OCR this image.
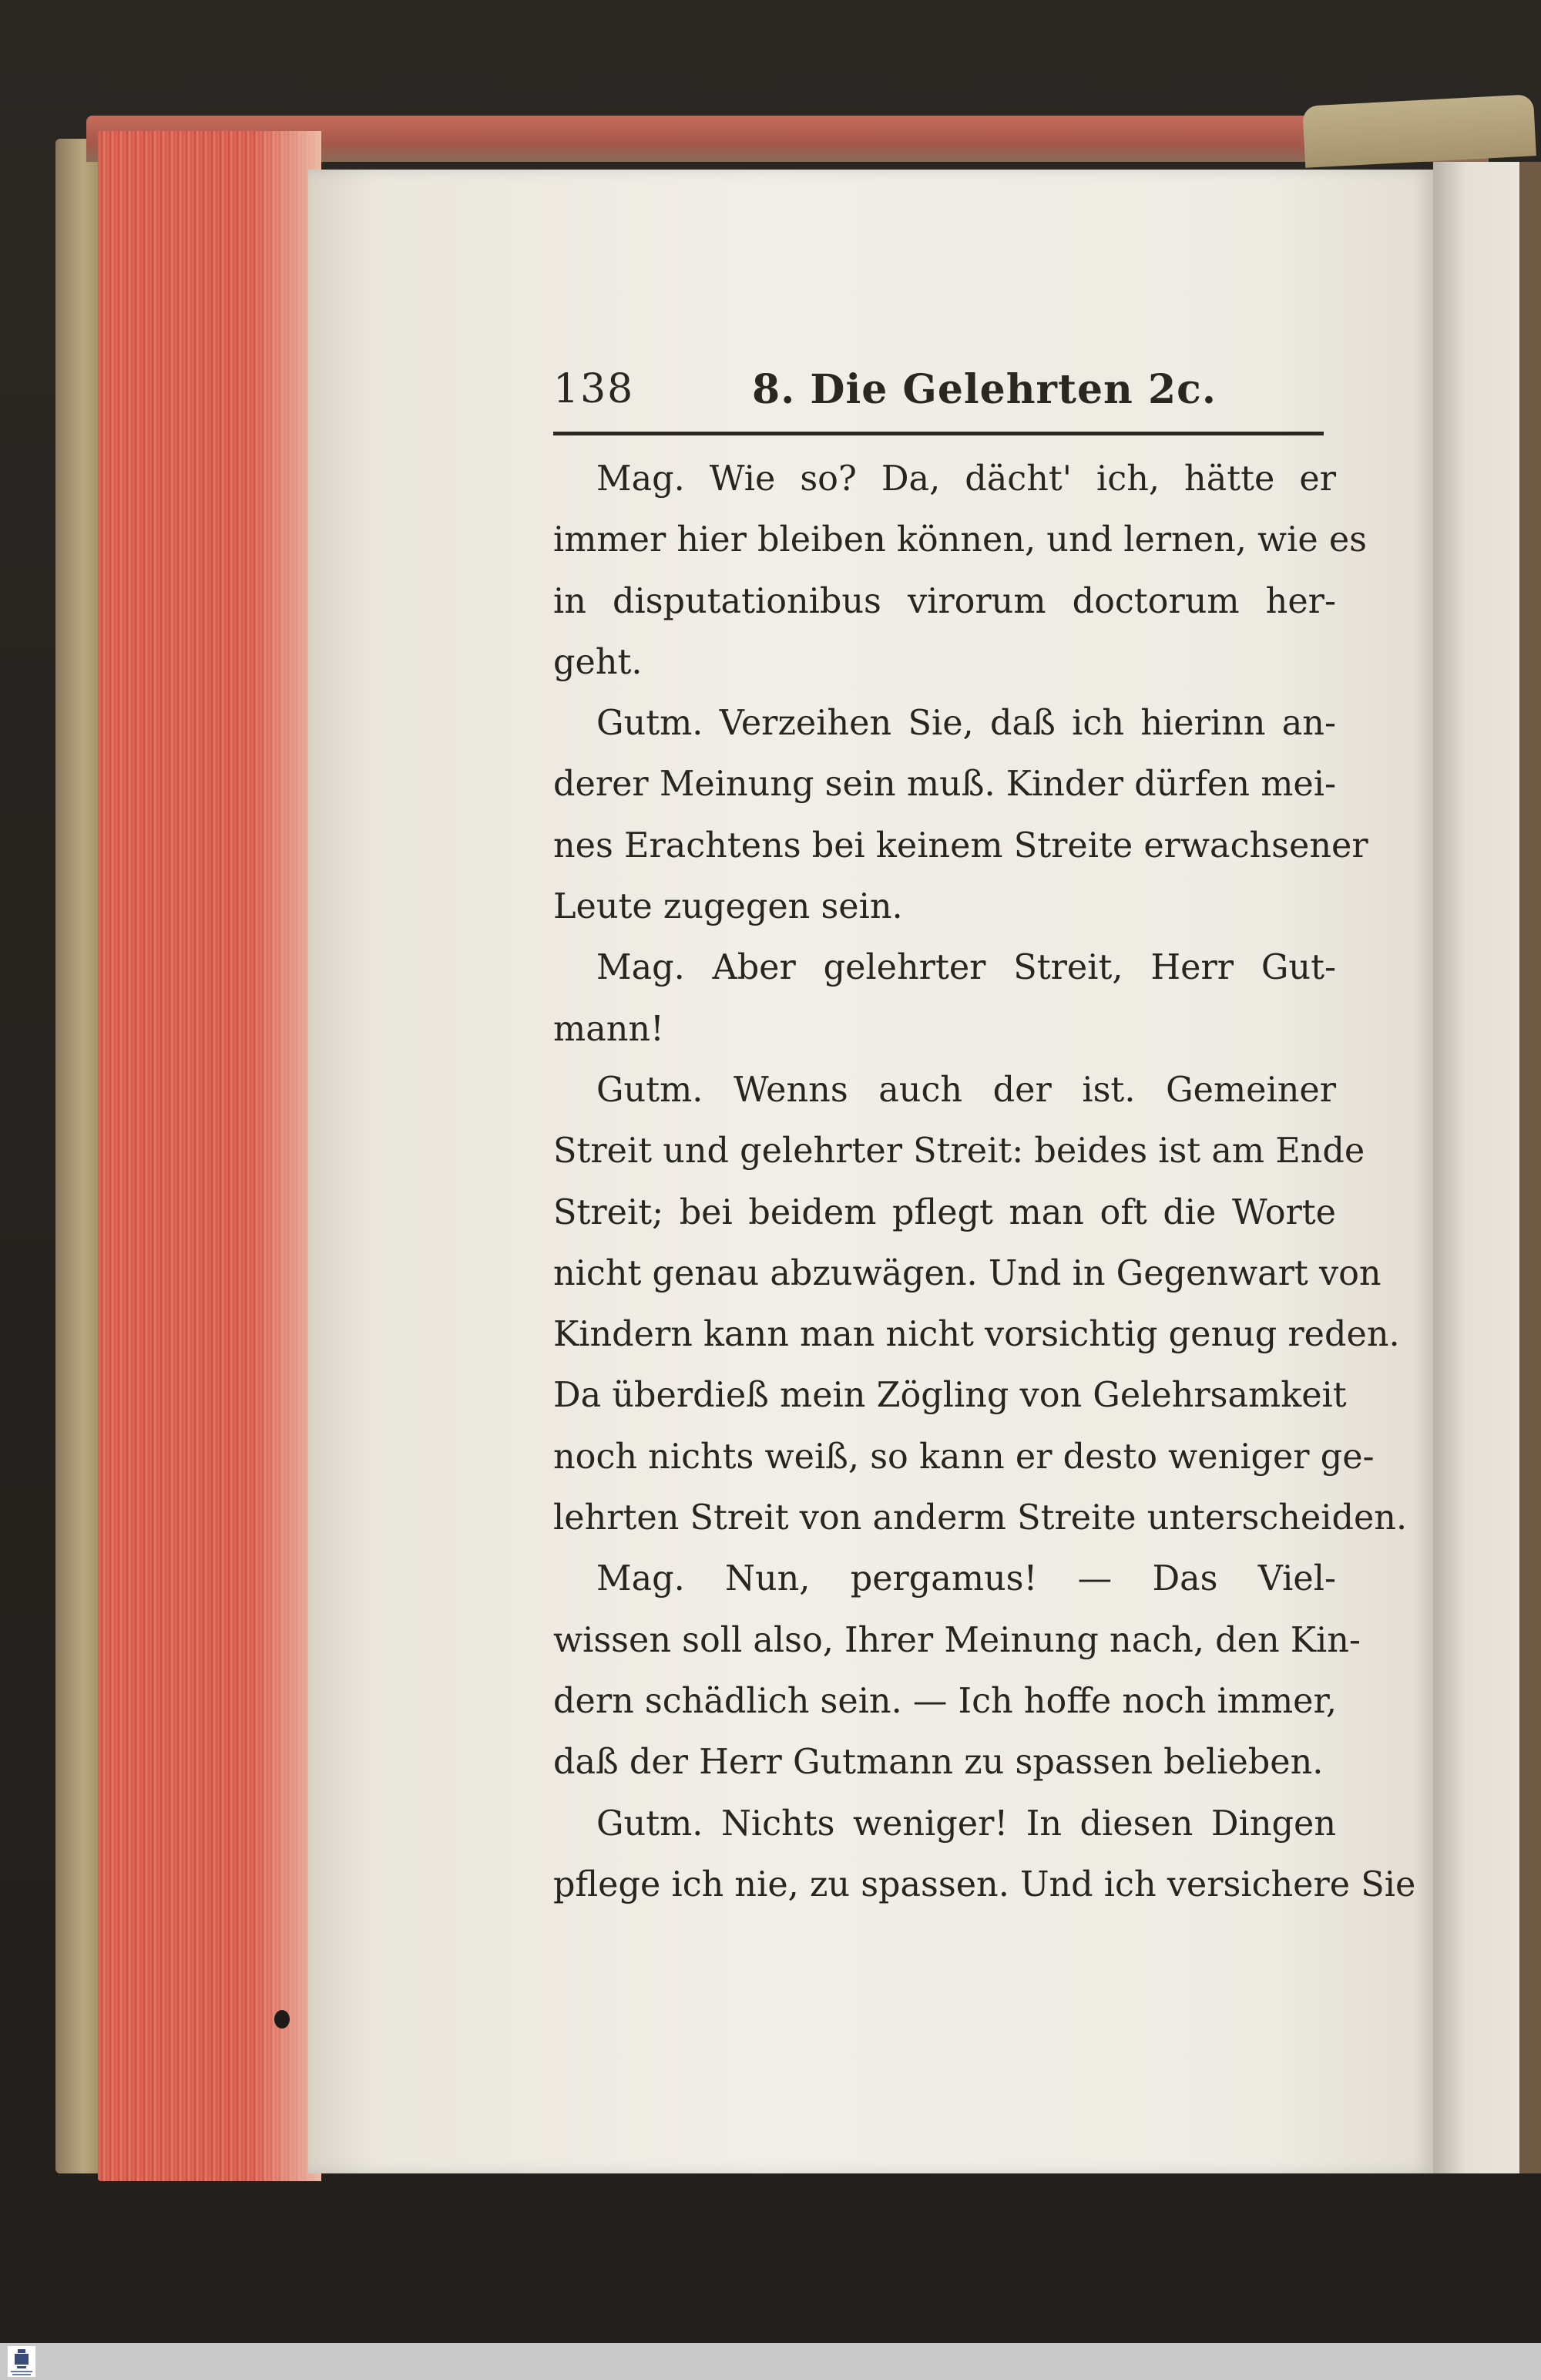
138	8. Die Gelehrten 2c.
Mag. Wie so? Da, dächt' ich, hätte er
immer hier bleiben können, und lernen, wie es
in disputationibus virorum doctorum her-
geht.
Gutm. Verzeihen Sie, daß ich hierinn an-
derer Meinung sein muß. Kinder dürfen mei-
nes Erachtens bei keinem Streite erwachsener
Leute zugegen sein.
Mag. Aber gelehrter Streit, Herr Gut-
mann!
Gutm. Wenns auch der ist. Gemeiner
Streit und gelehrter Streit: beides ist am Ende
Streit; bei beidem pflegt man oft die Worte
nicht genau abzuwägen. Und in Gegenwart von
Kindern kann man nicht vorsichtig genug reden.
Da überdieß mein Zögling von Gelehrsamkeit
noch nichts weiß, so kann er desto weniger ge-
lehrten Streit von anderm Streite unterscheiden.
Mag. Nun, pergamus! — Das Viel-
wissen soll also, Ihrer Meinung nach, den Kin-
dern schädlich sein. — Ich hoffe noch immer,
daß der Herr Gutmann zu spassen belieben.
Gutm. Nichts weniger! In diesen Dingen
pflege ich nie, zu spassen. Und ich versichere Sie
